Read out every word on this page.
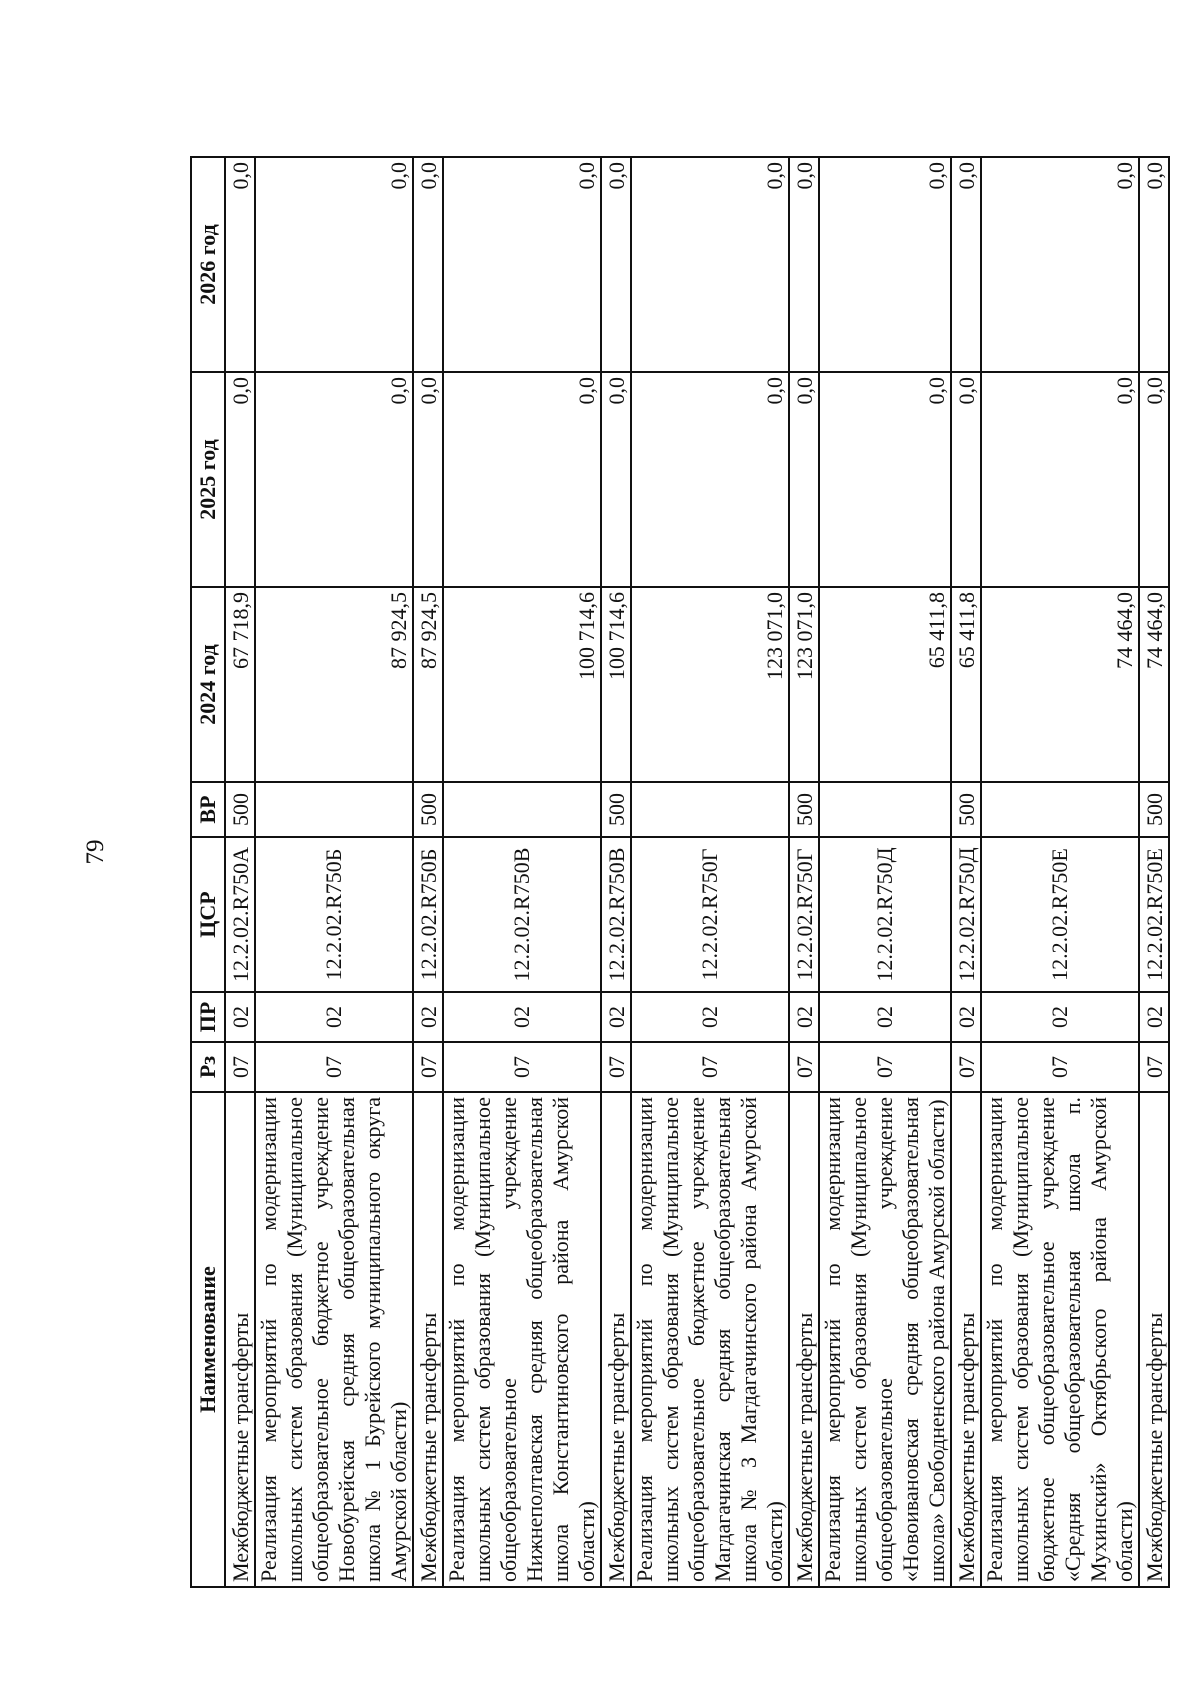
79
Наименование	Рз	ПР	ЦСР	ВР	2024 год	2025 год	2026 год
Межбюджетные трансферты	07	02	12.2.02.R750А	500	67 718,9	0,0	0,0
Реализация мероприятий по модернизации школьных систем образования (Муниципальное общеобразовательное бюджетное учреждение Новобурейская средняя общеобразовательная школа № 1 Бурейского муниципального округа Амурской области)	07	02	12.2.02.R750Б		87 924,5	0,0	0,0
Межбюджетные трансферты	07	02	12.2.02.R750Б	500	87 924,5	0,0	0,0
Реализация мероприятий по модернизации школьных систем образования (Муниципальное общеобразовательное учреждение Нижнеполтавская средняя общеобразовательная школа Константиновского района Амурской области)	07	02	12.2.02.R750В		100 714,6	0,0	0,0
Межбюджетные трансферты	07	02	12.2.02.R750В	500	100 714,6	0,0	0,0
Реализация мероприятий по модернизации школьных систем образования (Муниципальное общеобразовательное бюджетное учреждение Магдагачинская средняя общеобразовательная школа № 3 Магдагачинского района Амурской области)	07	02	12.2.02.R750Г		123 071,0	0,0	0,0
Межбюджетные трансферты	07	02	12.2.02.R750Г	500	123 071,0	0,0	0,0
Реализация мероприятий по модернизации школьных систем образования (Муниципальное общеобразовательное учреждение «Новоивановская средняя общеобразовательная школа» Свободненского района Амурской области)	07	02	12.2.02.R750Д		65 411,8	0,0	0,0
Межбюджетные трансферты	07	02	12.2.02.R750Д	500	65 411,8	0,0	0,0
Реализация мероприятий по модернизации школьных систем образования (Муниципальное бюджетное общеобразовательное учреждение «Средняя общеобразовательная школа п. Мухинский» Октябрьского района Амурской области)	07	02	12.2.02.R750Е		74 464,0	0,0	0,0
Межбюджетные трансферты	07	02	12.2.02.R750Е	500	74 464,0	0,0	0,0
